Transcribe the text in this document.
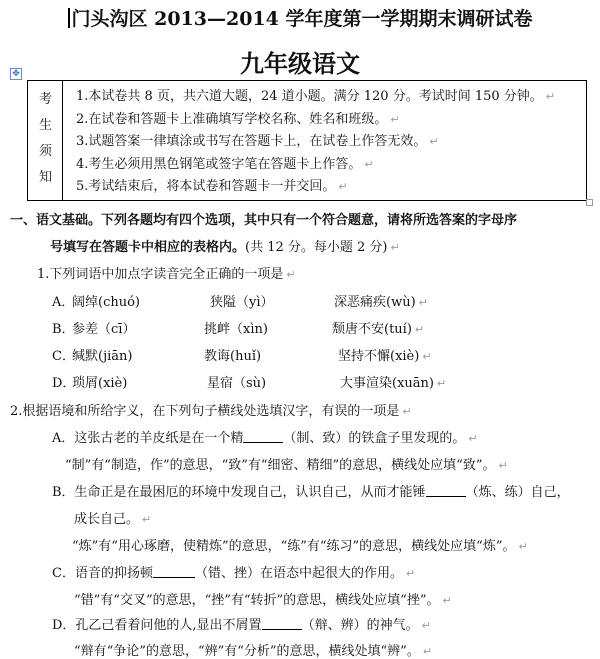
门头沟区 2013—2014 学年度第一学期期末调研试卷
九年级语文
✥
考
生
须
知
1.本试卷共 8 页，共六道大题，24 道小题。满分 120 分。考试时间 150 分钟。 ↵
2.在试卷和答题卡上准确填写学校名称、姓名和班级。 ↵
3.试题答案一律填涂或书写在答题卡上，在试卷上作答无效。 ↵
4.考生必须用黑色钢笔或签字笔在答题卡上作答。 ↵
5.考试结束后，将本试卷和答题卡一并交回。 ↵
一、语文基础。下列各题均有四个选项，其中只有一个符合题意，请将所选答案的字母序
号填写在答题卡中相应的表格内。(共 12 分。每小题 2 分) ↵
1.下列词语中加点字读音完全正确的一项是 ↵
A．
阔绰(chuó)	狭隘（yì）	深恶痛疾(wù) ↵
B．
参差（cī）	挑衅（xìn)	颓唐不安(tuí) ↵
C．
缄默(jiān)	教诲(huǐ)	坚持不懈(xiè) ↵
D．
琐屑(xiè)	星宿（sù)	大事渲染(xuān) ↵
2.根据语境和所给字义，在下列句子横线处选填汉字，有误的一项是 ↵
A．这张古老的羊皮纸是在一个精	（制、致）的铁盒子里发现的。 ↵
“制”有“制造，作”的意思，“致”有“细密、精细”的意思，横线处应填“致”。 ↵
B．生命正是在最困厄的环境中发现自己，认识自己，从而才能锤	（炼、练）自己，
成长自己。 ↵
“炼”有“用心琢磨，使精炼”的意思，“练”有“练习”的意思，横线处应填“炼”。 ↵
C．语音的抑扬顿	（错、挫）在语态中起很大的作用。 ↵
“错”有“交叉”的意思，“挫”有“转折”的意思，横线处应填“挫”。 ↵
D．孔乙己看着问他的人,显出不屑置	（辩、辨）的神气。 ↵
“辩有“争论”的意思，“辨”有“分析”的意思，横线处填“辨”。 ↵
